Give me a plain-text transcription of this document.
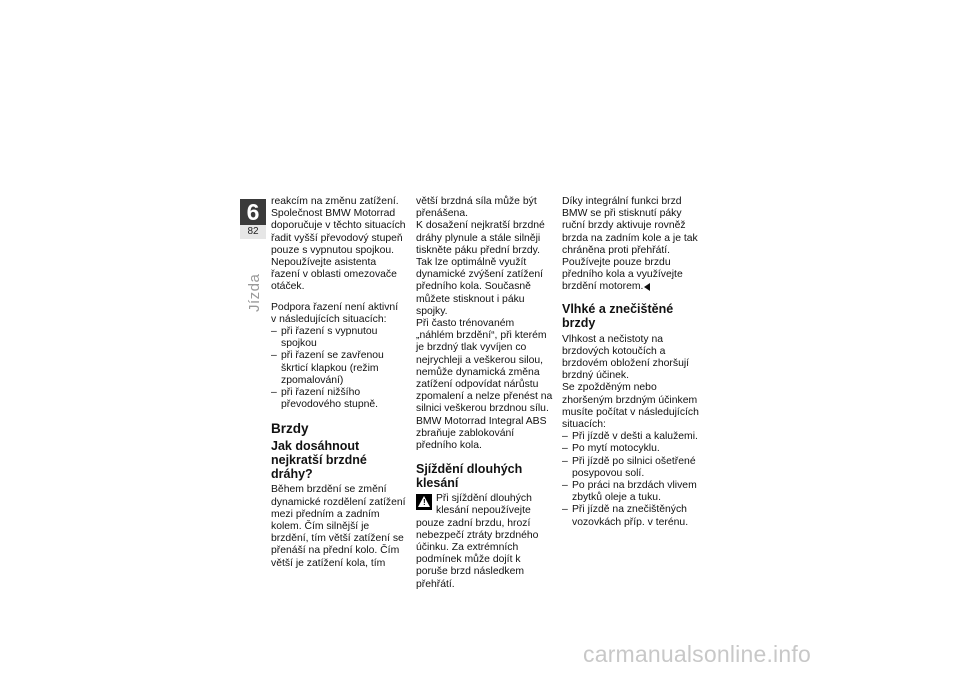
6
82
Jízda

reakcím na změnu zatížení. Společnost BMW Motorrad doporučuje v těchto situacích řadit vyšší převodový stupeň pouze s vypnutou spojkou. Nepoužívejte asistenta řazení v oblasti omezovače otáček.

Podpora řazení není aktivní v následujících situacích:

– při řazení s vypnutou spojkou
– při řazení se zavřenou škrticí klapkou (režim zpomalování)
– při řazení nižšího převodového stupně.
Brzdy
Jak dosáhnout nejkratší brzdné dráhy?

Během brzdění se změní dynamické rozdělení zatížení mezi předním a zadním kolem. Čím silnější je brzdění, tím větší zatížení se přenáší na přední kolo. Čím větší je zatížení kola, tím

větší brzdná síla může být přenášena.

K dosažení nejkratší brzdné dráhy plynule a stále silněji tiskněte páku přední brzdy. Tak lze optimálně využít dynamické zvýšení zatížení předního kola. Současně můžete stisknout i páku spojky.

Při často trénovaném „náhlém brzdění“, při kterém je brzdný tlak vyvíjen co nejrychleji a veškerou silou, nemůže dynamická změna zatížení odpovídat nárůstu zpomalení a nelze přenést na silnici veškerou brzdnou sílu.

BMW Motorrad Integral ABS zbraňuje zablokování předního kola.

Sjíždění dlouhých klesání
! Při sjíždění dlouhých klesání nepoužívejte pouze zadní brzdu, hrozí nebezpečí ztráty brzdného účinku. Za extrémních podmínek může dojít k poruše brzd následkem přehřátí.

Díky integrální funkci brzd BMW se při stisknutí páky ruční brzdy aktivuje rovněž brzda na zadním kole a je tak chráněna proti přehřátí. Používejte pouze brzdu předního kola a využívejte brzdění motorem.

Vlhké a znečištěné brzdy

Vlhkost a nečistoty na brzdových kotoučích a brzdovém obložení zhoršují brzdný účinek.

Se zpožděným nebo zhoršeným brzdným účinkem musíte počítat v následujících situacích:

– Při jízdě v dešti a kalužemi.
– Po mytí motocyklu.
– Při jízdě po silnici ošetřené posypovou solí.
– Po práci na brzdách vlivem zbytků oleje a tuku.
– Při jízdě na znečištěných vozovkách příp. v terénu.
carmanualsonline.info
